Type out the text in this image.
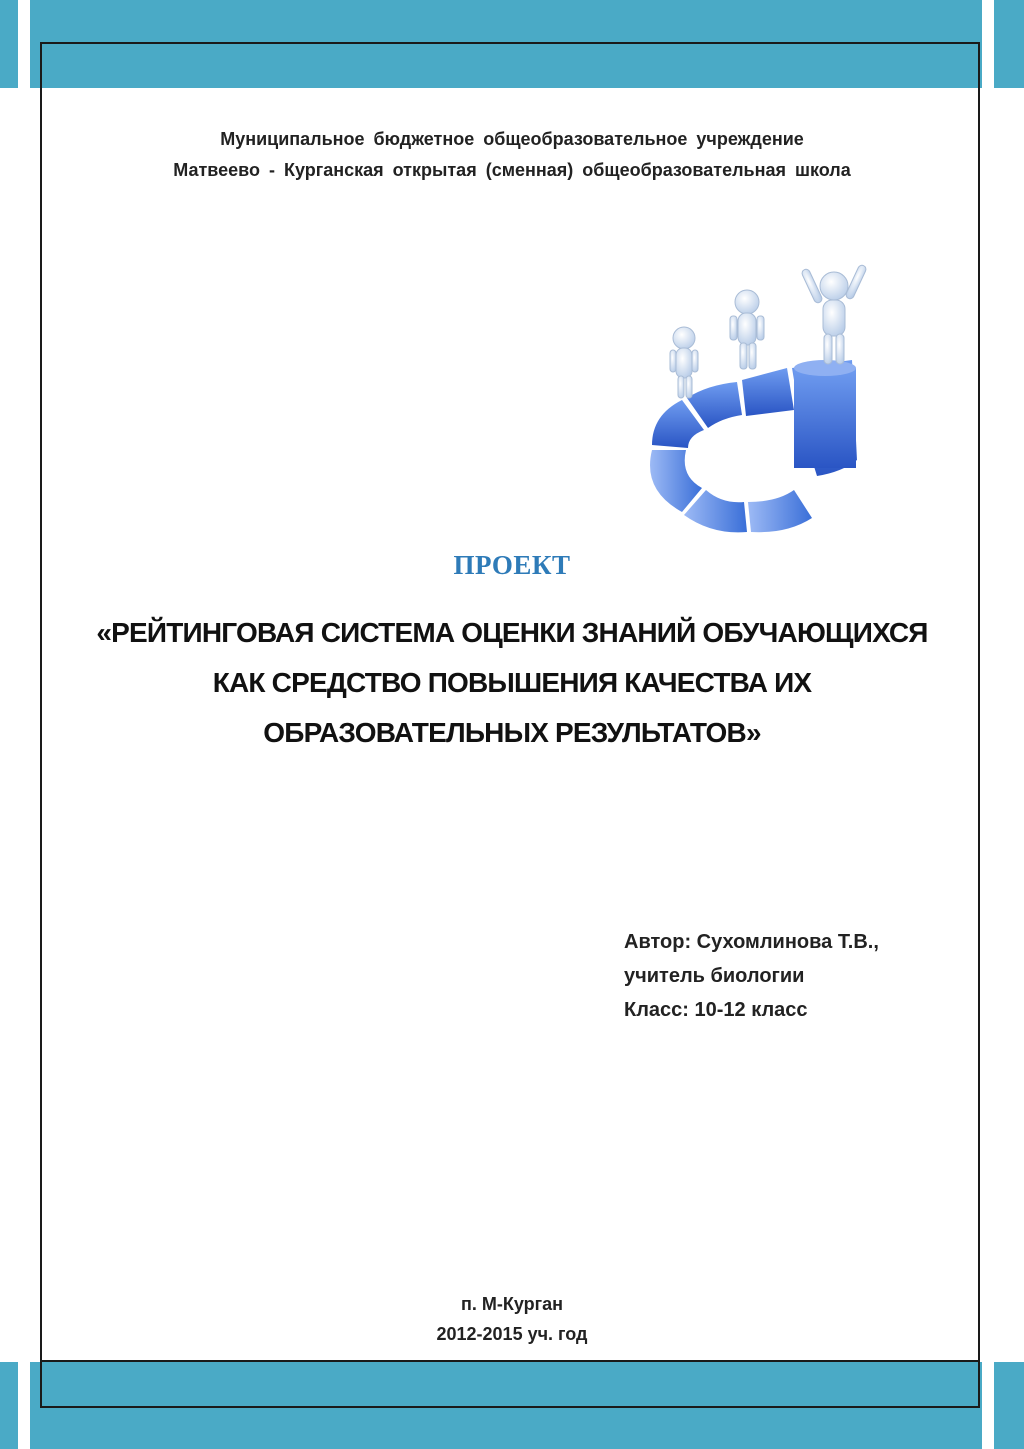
Муниципальное бюджетное общеобразовательное учреждение
Матвеево - Курганская открытая (сменная) общеобразовательная школа
ПРОЕКТ
«РЕЙТИНГОВАЯ СИСТЕМА ОЦЕНКИ ЗНАНИЙ ОБУЧАЮЩИХСЯ
КАК СРЕДСТВО ПОВЫШЕНИЯ КАЧЕСТВА ИХ
ОБРАЗОВАТЕЛЬНЫХ РЕЗУЛЬТАТОВ»
Автор: Сухомлинова Т.В.,
учитель биологии
Класс: 10-12 класс
п. М-Курган
2012-2015 уч. год
